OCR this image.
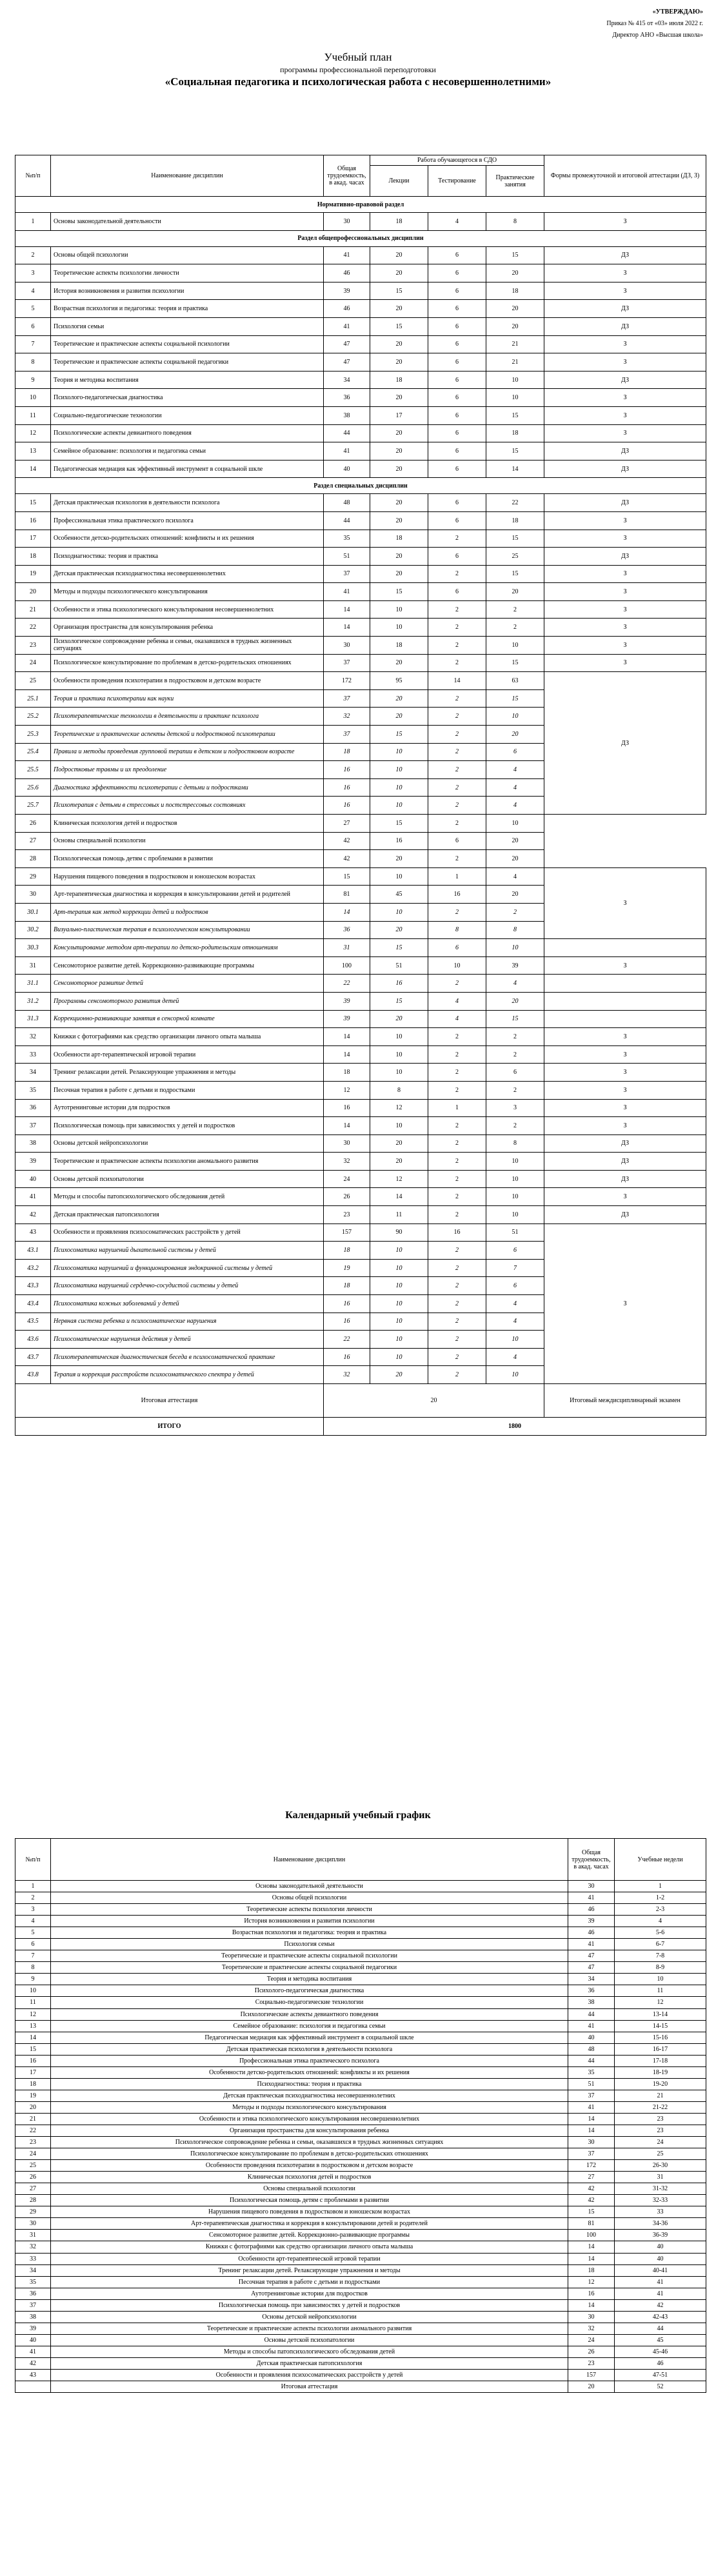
«УТВЕРЖДАЮ»
Приказ № 415 от «03» июля 2022 г.
Директор АНО «Высшая школа»
Учебный план
программы профессиональной переподготовки
«Социальная педагогика и психологическая работа с несовершеннолетними»
№п/п	Наименование дисциплин	Общая трудоемкость, в акад. часах	Работа обучающегося в СДО			Формы промежуточной и итоговой аттестации (ДЗ, З)
			Лекции	Тестирование	Практические занятия	
Нормативно-правовой раздел						
1	Основы законодательной деятельности	30	18	4	8	З
Раздел общепрофессиональных дисциплин						
2	Основы общей психологии	41	20	6	15	ДЗ
3	Теоретические аспекты психологии личности	46	20	6	20	З
4	История возникновения и развития психологии	39	15	6	18	З
5	Возрастная психология и педагогика: теория и практика	46	20	6	20	ДЗ
6	Психология семьи	41	15	6	20	ДЗ
7	Теоретические и практические аспекты социальной психологии	47	20	6	21	З
8	Теоретические и практические аспекты социальной педагогики	47	20	6	21	З
9	Теория и методика воспитания	34	18	6	10	ДЗ
10	Психолого-педагогическая диагностика	36	20	6	10	З
11	Социально-педагогические технологии	38	17	6	15	З
12	Психологические аспекты девиантного поведения	44	20	6	18	З
13	Семейное образование: психология и педагогика семьи	41	20	6	15	ДЗ
14	Педагогическая медиация как эффективный инструмент в социальной шкле	40	20	6	14	ДЗ
Раздел специальных дисциплин						
15	Детская практическая психология в деятельности психолога	48	20	6	22	ДЗ
16	Профессиональная этика практического психолога	44	20	6	18	З
17	Особенности детско-родительских отношений: конфликты и их решения	35	18	2	15	З
18	Психодиагностика: теория и практика	51	20	6	25	ДЗ
19	Детская практическая психодиагностика несовершеннолетних	37	20	2	15	З
20	Методы и подходы психологического консультирования	41	15	6	20	З
21	Особенности и этика психологического консультирования несовершеннолетних	14	10	2	2	З
22	Организация пространства для консультирования ребенка	14	10	2	2	З
23	Психологическое сопровождение ребенка и семьи, оказавшихся в трудных жизненных ситуациях	30	18	2	10	З
24	Психологическое консультирование по проблемам в детско-родительских отношениях	37	20	2	15	З
25	Особенности проведения психотерапии в подростковом и детском возрасте	172	95	14	63	ДЗ
25.1	Теория и практика психотерапии как науки	37	20	2	15	
25.2	Психотерапевтические технологии в деятельности и практике психолога	32	20	2	10	
25.3	Теоретические и практические аспекты детской и подростковой психотерапии	37	15	2	20	
25.4	Правила и методы проведения групповой терапии в детском и подростковом возрасте	18	10	2	6	
25.5	Подростковые травмы и их преодоление	16	10	2	4	
25.6	Диагностика эффективности психотерапии с детьми и подростками	16	10	2	4	
25.7	Психотерапия с детьми в стрессовых и постстрессовых состояниях	16	10	2	4	
26	Клиническая психология детей и подростков	27	15	2	10	
27	Основы специальной психологии	42	16	6	20	
28	Психологическая помощь детям с проблемами в развитии	42	20	2	20	
29	Нарушения пищевого поведения в подростковом и юношеском возрастах	15	10	1	4	З
30	Арт-терапевтическая диагностика и коррекция в консультировании детей и родителей	81	45	16	20	
30.1	Арт-терапия как метод коррекции детей и подростков	14	10	2	2	
30.2	Визуально-пластическая терапия в психологическом консультировании	36	20	8	8	
30.3	Консультирование методом арт-терапии по детско-родительским отношениям	31	15	6	10	
31	Сенсомоторное развитие детей. Коррекционно-развивающие программы	100	51	10	39	З
31.1	Сенсомоторное развитие детей	22	16	2	4	
31.2	Программы сенсомоторного развития детей	39	15	4	20	
31.3	Коррекционно-развивающие занятия в сенсорной комнате	39	20	4	15	
32	Книжки с фотографиями как средство организации личного опыта малыша	14	10	2	2	З
33	Особенности арт-терапевтической игровой терапии	14	10	2	2	З
34	Тренинг релаксации детей. Релаксирующие упражнения и методы	18	10	2	6	З
35	Песочная терапия в работе с детьми и подростками	12	8	2	2	З
36	Аутотренинговые истории для подростков	16	12	1	3	З
37	Психологическая помощь при зависимостях у детей и подростков	14	10	2	2	З
38	Основы детской нейропсихологии	30	20	2	8	ДЗ
39	Теоретические и практические аспекты психологии аномального развития	32	20	2	10	ДЗ
40	Основы детской психопатологии	24	12	2	10	ДЗ
41	Методы и способы патопсихологического обследования детей	26	14	2	10	З
42	Детская практическая патопсихология	23	11	2	10	ДЗ
43	Особенности и проявления психосоматических расстройств у детей	157	90	16	51	З
43.1	Психосоматика нарушений дыхательной системы у детей	18	10	2	6	
43.2	Психосоматика нарушений и функционирования эндокринной системы у детей	19	10	2	7	
43.3	Психосоматика нарушений сердечно-сосудистой системы у детей	18	10	2	6	
43.4	Психосоматика кожных заболеваний у детей	16	10	2	4	
43.5	Нервная система ребенка и психосоматические нарушения	16	10	2	4	
43.6	Психосоматические нарушения действия у детей	22	10	2	10	
43.7	Психотерапевтическая диагностическая беседа в психосоматической практике	16	10	2	4	
43.8	Терапия и коррекция расстройств психосоматического спектра у детей	32	20	2	10	
Итоговая аттестация		20				Итоговый междисциплинарный экзамен
ИТОГО		1800				
Календарный учебный график
№п/п	Наименование дисциплин	Общая трудоемкость, в акад. часах	Учебные недели
1	Основы законодательной деятельности	30	1
2	Основы общей психологии	41	1-2
3	Теоретические аспекты психологии личности	46	2-3
4	История возникновения и развития психологии	39	4
5	Возрастная психология и педагогика: теория и практика	46	5-6
6	Психология семьи	41	6-7
7	Теоретические и практические аспекты социальной психологии	47	7-8
8	Теоретические и практические аспекты социальной педагогики	47	8-9
9	Теория и методика воспитания	34	10
10	Психолого-педагогическая диагностика	36	11
11	Социально-педагогические технологии	38	12
12	Психологические аспекты девиантного поведения	44	13-14
13	Семейное образование: психология и педагогика семьи	41	14-15
14	Педагогическая медиация как эффективный инструмент в социальной шкле	40	15-16
15	Детская практическая психология в деятельности психолога	48	16-17
16	Профессиональная этика практического психолога	44	17-18
17	Особенности детско-родительских отношений: конфликты и их решения	35	18-19
18	Психодиагностика: теория и практика	51	19-20
19	Детская практическая психодиагностика несовершеннолетних	37	21
20	Методы и подходы психологического консультирования	41	21-22
21	Особенности и этика психологического консультирования несовершеннолетних	14	23
22	Организация пространства для консультирования ребенка	14	23
23	Психологическое сопровождение ребенка и семьи, оказавшихся в трудных жизненных ситуациях	30	24
24	Психологическое консультирование по проблемам в детско-родительских отношениях	37	25
25	Особенности проведения психотерапии в подростковом и детском возрасте	172	26-30
26	Клиническая психология детей и подростков	27	31
27	Основы специальной психологии	42	31-32
28	Психологическая помощь детям с проблемами в развитии	42	32-33
29	Нарушения пищевого поведения в подростковом и юношеском возрастах	15	33
30	Арт-терапевтическая диагностика и коррекция в консультировании детей и родителей	81	34-36
31	Сенсомоторное развитие детей. Коррекционно-развивающие программы	100	36-39
32	Книжки с фотографиями как средство организации личного опыта малыша	14	40
33	Особенности арт-терапевтической игровой терапии	14	40
34	Тренинг релаксации детей. Релаксирующие упражнения и методы	18	40-41
35	Песочная терапия в работе с детьми и подростками	12	41
36	Аутотренинговые истории для подростков	16	41
37	Психологическая помощь при зависимостях у детей и подростков	14	42
38	Основы детской нейропсихологии	30	42-43
39	Теоретические и практические аспекты психологии аномального развития	32	44
40	Основы детской психопатологии	24	45
41	Методы и способы патопсихологического обследования детей	26	45-46
42	Детская практическая патопсихология	23	46
43	Особенности и проявления психосоматических расстройств у детей	157	47-51
	Итоговая аттестация	20	52
